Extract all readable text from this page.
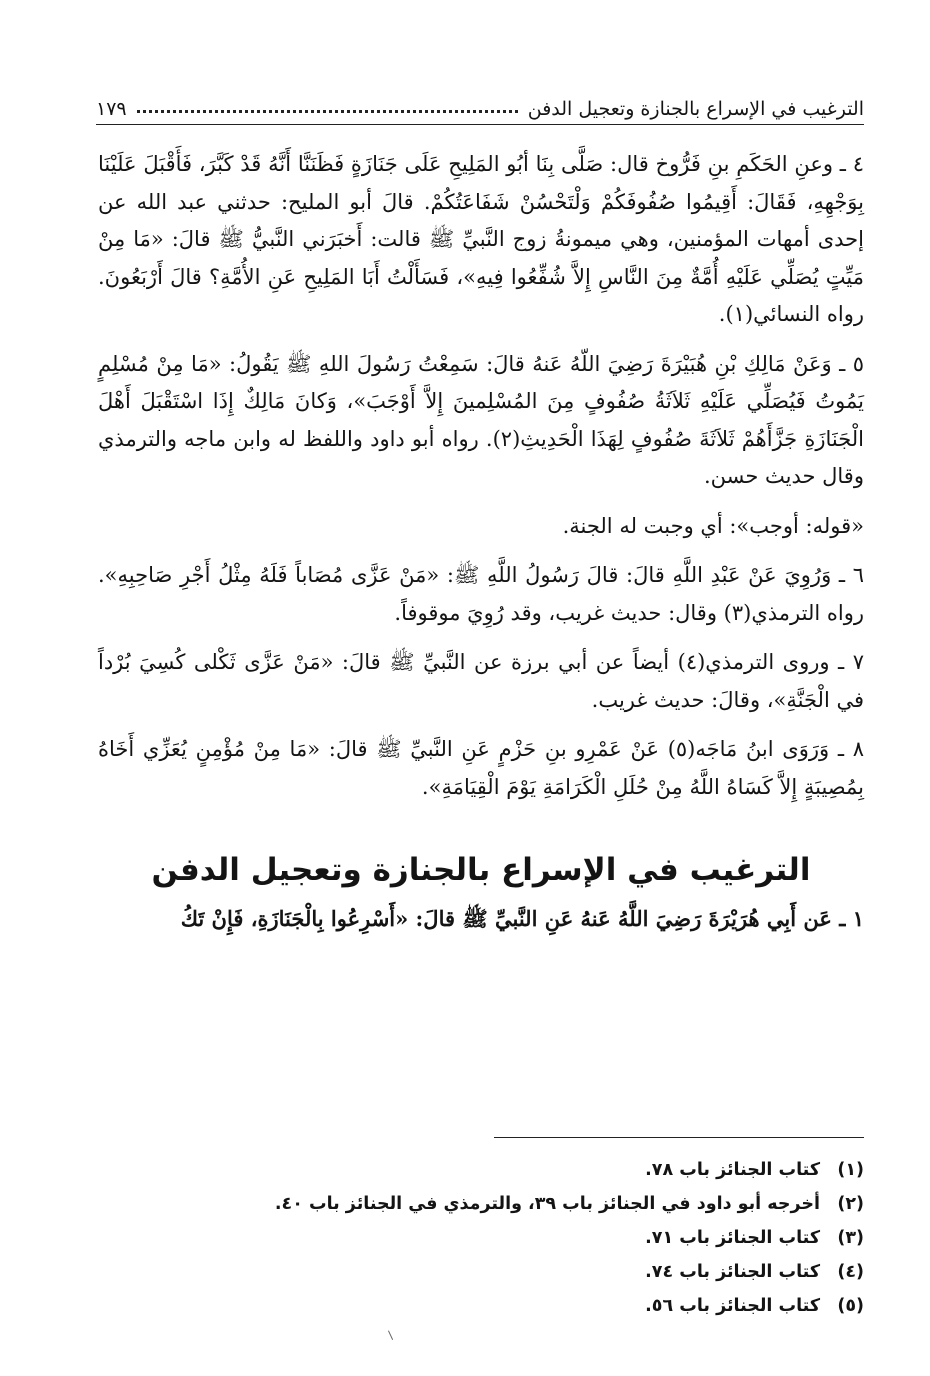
الترغيب في الإسراع بالجنازة وتعجيل الدفن
١٧٩

٤ ـ وعنِ الحَكَمِ بنِ فَرُّوخ قال: صَلَّى بِنَا أبُو المَلِيحِ عَلَى جَنَازَةٍ فَظَنَنَّا أَنَّهُ قَدْ كَبَّرَ، فَأَقْبَلَ عَلَيْنَا بِوَجْهِهِ، فَقَالَ: أَقِيمُوا صُفُوفَكُمْ وَلْتَحْسُنْ شَفَاعَتُكُمْ. قالَ أبو المليح: حدثني عبد الله عن إحدى أمهات المؤمنين، وهي ميمونةُ زوج النَّبيِّ ﷺ قالت: أَخبَرَني النَّبيُّ ﷺ قالَ: «مَا مِنْ مَيِّتٍ يُصَلِّي عَلَيْهِ أُمَّةٌ مِنَ النَّاسِ إِلاَّ شُفِّعُوا فِيهِ»، فَسَأَلْتُ أَبَا المَلِيحِ عَنِ الأُمَّةِ؟ قالَ أَرْبَعُونَ. رواه النسائي(١).

٥ ـ وَعَنْ مَالِكِ بْنِ هُبَيْرَةَ رَضِيَ اللّهُ عَنهُ قالَ: سَمِعْتُ رَسُولَ اللهِ ﷺ يَقُولُ: «مَا مِنْ مُسْلِمٍ يَمُوتُ فَيُصَلِّي عَلَيْهِ ثَلاَثَةُ صُفُوفٍ مِنَ المُسْلِمينَ إِلاَّ أَوْجَبَ»، وَكانَ مَالِكٌ إِذَا اسْتَقْبَلَ أَهْلَ الْجَنَازَةِ جَزَّأَهُمْ ثَلاَثَةَ صُفُوفٍ لِهَذَا الْحَدِيثِ(٢). رواه أبو داود واللفظ له وابن ماجه والترمذي وقال حديث حسن.

«قوله: أوجب»: أي وجبت له الجنة.

٦ ـ وَرُوِيَ عَنْ عَبْدِ اللَّهِ قالَ: قالَ رَسُولُ اللَّهِ ﷺ: «مَنْ عَزَّى مُصَاباً فَلَهُ مِثْلُ أَجْرِ صَاحِبِهِ». رواه الترمذي(٣) وقال: حديث غريب، وقد رُوِيَ موقوفاً.

٧ ـ وروى الترمذي(٤) أيضاً عن أبي برزة عن النَّبيِّ ﷺ قالَ: «مَنْ عَزَّى ثَكْلى كُسِيَ بُرْداً في الْجَنَّةِ»، وقالَ: حديث غريب.

٨ ـ وَرَوَى ابنُ مَاجَه(٥) عَنْ عَمْرِو بنِ حَزْمٍ عَنِ النَّبيِّ ﷺ قالَ: «مَا مِنْ مُؤْمِنٍ يُعَزِّي أَخَاهُ بِمُصِيبَةٍ إِلاَّ كَسَاهُ اللَّهُ مِنْ حُلَلِ الْكَرَامَةِ يَوْمَ الْقِيَامَةِ».

الترغيب في الإسراع بالجنازة وتعجيل الدفن

١ ـ عَن أَبِي هُرَيْرَةَ رَضِيَ اللَّهُ عَنهُ عَنِ النَّبيِّ ﷺ قالَ: «أَسْرِعُوا بِالْجَنَازَةِ، فَإِنْ تَكُ

(١)
كتاب الجنائز باب ٧٨.
(٢)
أخرجه أبو داود في الجنائز باب ٣٩، والترمذي في الجنائز باب ٤٠.
(٣)
كتاب الجنائز باب ٧١.
(٤)
كتاب الجنائز باب ٧٤.
(٥)
كتاب الجنائز باب ٥٦.
